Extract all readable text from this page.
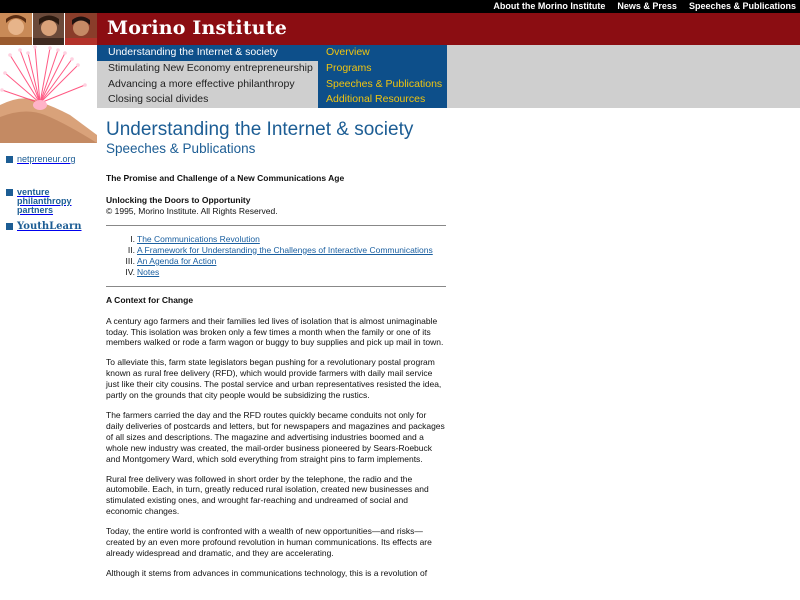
About the Morino Institute News & Press Speeches & Publications
Morino Institute
Understanding the Internet & society
Stimulating New Economy entrepreneurship
Advancing a more effective philanthropy
Closing social divides
Overview
Programs
Speeches & Publications
Additional Resources
netpreneur.org
venture
philanthropy
partners
YouthLearn
Understanding the Internet & society
Speeches & Publications
The Promise and Challenge of a New Communications Age
Unlocking the Doors to Opportunity
© 1995, Morino Institute. All Rights Reserved.
I. The Communications Revolution
II. A Framework for Understanding the Challenges of Interactive Communications
III. An Agenda for Action
IV. Notes
A Context for Change

A century ago farmers and their families led lives of isolation that is almost unimaginable today. This isolation was broken only a few times a month when the family or one of its members walked or rode a farm wagon or buggy to buy supplies and pick up mail in town.

To alleviate this, farm state legislators began pushing for a revolutionary postal program known as rural free delivery (RFD), which would provide farmers with daily mail service just like their city cousins. The postal service and urban representatives resisted the idea, partly on the grounds that city people would be subsidizing the rustics.

The farmers carried the day and the RFD routes quickly became conduits not only for daily deliveries of postcards and letters, but for newspapers and magazines and packages of all sizes and descriptions. The magazine and advertising industries boomed and a whole new industry was created, the mail-order business pioneered by Sears-Roebuck and Montgomery Ward, which sold everything from straight pins to farm implements.

Rural free delivery was followed in short order by the telephone, the radio and the automobile. Each, in turn, greatly reduced rural isolation, created new businesses and stimulated existing ones, and wrought far-reaching and undreamed of social and economic changes.

Today, the entire world is confronted with a wealth of new opportunities—and risks—created by an even more profound revolution in human communications. Its effects are already widespread and dramatic, and they are accelerating.

Although it stems from advances in communications technology, this is a revolution of
